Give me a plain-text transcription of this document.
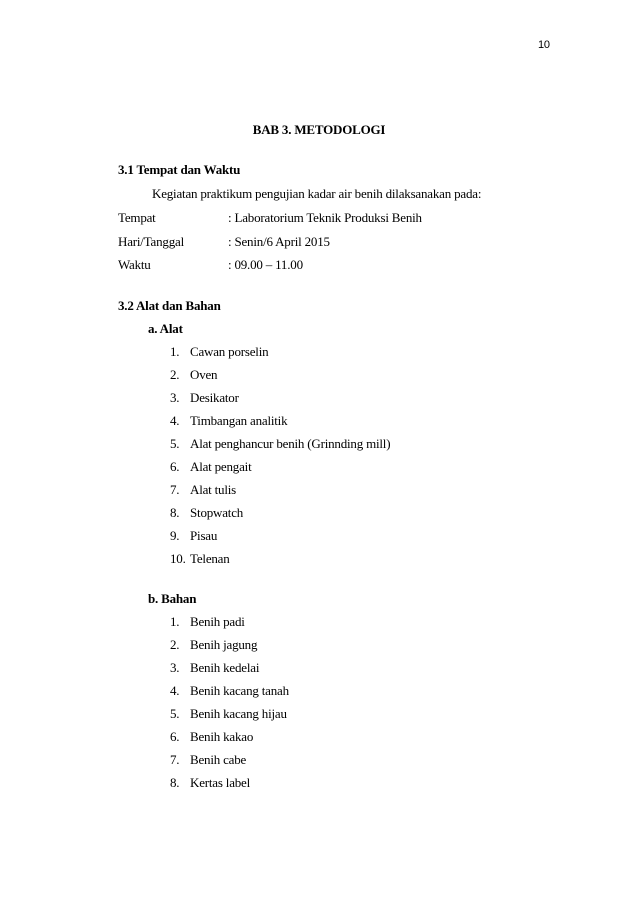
10
BAB 3. METODOLOGI
3.1 Tempat dan Waktu
Kegiatan praktikum pengujian kadar air benih dilaksanakan pada:
Tempat	: Laboratorium Teknik Produksi Benih
Hari/Tanggal	: Senin/6 April 2015
Waktu	: 09.00 – 11.00
3.2 Alat dan Bahan
a. Alat
1. Cawan porselin
2. Oven
3. Desikator
4. Timbangan analitik
5. Alat penghancur benih (Grinnding mill)
6. Alat pengait
7. Alat tulis
8. Stopwatch
9. Pisau
10. Telenan
b. Bahan
1. Benih padi
2. Benih jagung
3. Benih kedelai
4. Benih kacang tanah
5. Benih kacang hijau
6. Benih kakao
7. Benih cabe
8. Kertas label
